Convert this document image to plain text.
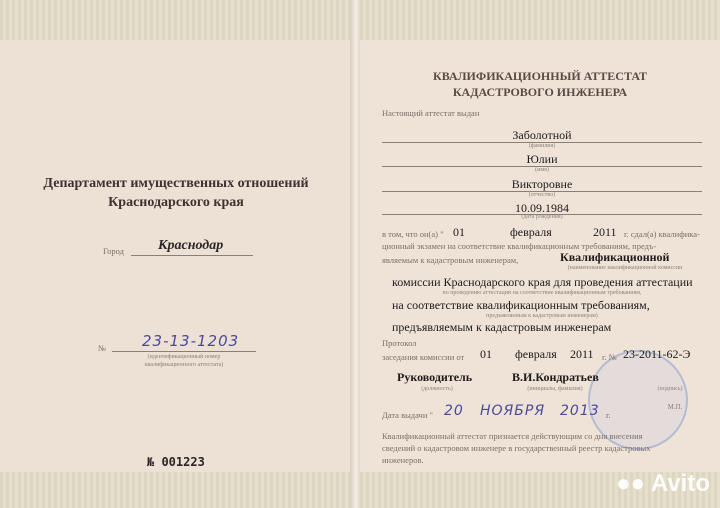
Департамент имущественных отношений
Краснодарского края
Город Краснодар
№ 23-13-1203
(идентификационный номер
квалификационного аттестата)
№ 001223
КВАЛИФИКАЦИОННЫЙ АТТЕСТАТ
КАДАСТРОВОГО ИНЖЕНЕРА
Настоящий аттестат выдан
Заболотной
(фамилия)
Юлии
(имя)
Викторовне
(отчество)
10.09.1984
(дата рождения)
в том, что он(а) " 01	февраля	2011 г. сдал(а) квалифика-
ционный экзамен на соответствие квалификационным требованиям, предъ-
являемым к кадастровым инженерам,	Квалификационной
(наименование квалификационной комиссии
комиссии Краснодарского края для проведения аттестации
по проведению аттестации на соответствие квалификационным требованиям,
на соответствие квалификационным требованиям,
предъявляемым к кадастровым инженерам)
предъявляемым к кадастровым инженерам
Протокол
заседания комиссии от 01 февраля 2011 г. № 23-2011-62-Э
Руководитель
(должность)
В.И.Кондратьев
(инициалы, фамилия)	(подпись)
М.П.
Дата выдачи " 20 НОЯБРЯ 2013 г.
Квалификационный аттестат признается действующим со дня внесения
сведений о кадастровом инженере в государственный реестр кадастровых
инженеров.
●● Avito
